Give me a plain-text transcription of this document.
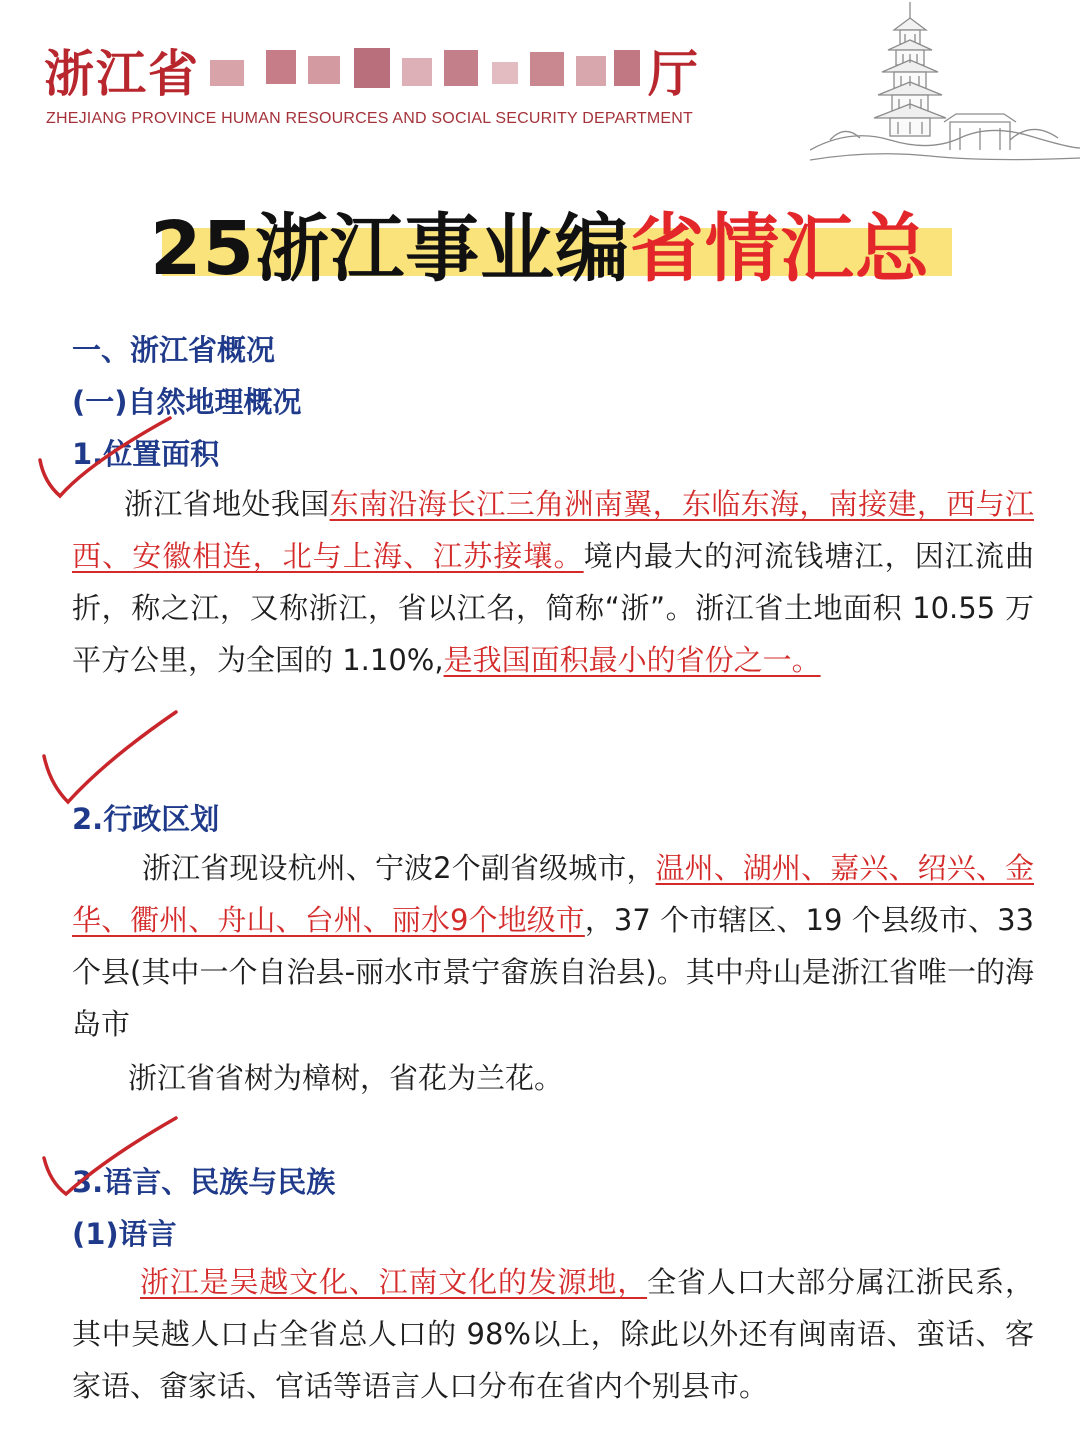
浙江省	厅
ZHEJIANG PROVINCE HUMAN RESOURCES AND SOCIAL SECURITY DEPARTMENT
25浙江事业编省情汇总
一、浙江省概况
(一)自然地理概况
1.位置面积
浙江省地处我国东南沿海长江三角洲南翼，东临东海，南接建，西与江西、安徽相连，北与上海、江苏接壤。境内最大的河流钱塘江，因江流曲折，称之江，又称浙江，省以江名，简称“浙”。浙江省土地面积 10.55 万平方公里，为全国的 1.10%,是我国面积最小的省份之一。
2.行政区划
浙江省现设杭州、宁波2个副省级城市，温州、湖州、嘉兴、绍兴、金华、衢州、舟山、台州、丽水9个地级市，37 个市辖区、19 个县级市、33 个县(其中一个自治县-丽水市景宁畲族自治县)。其中舟山是浙江省唯一的海岛市
浙江省省树为樟树，省花为兰花。
3.语言、民族与民族
(1)语言
浙江是吴越文化、江南文化的发源地，全省人口大部分属江浙民系，其中吴越人口占全省总人口的 98%以上，除此以外还有闽南语、蛮话、客家语、畲家话、官话等语言人口分布在省内个别县市。
